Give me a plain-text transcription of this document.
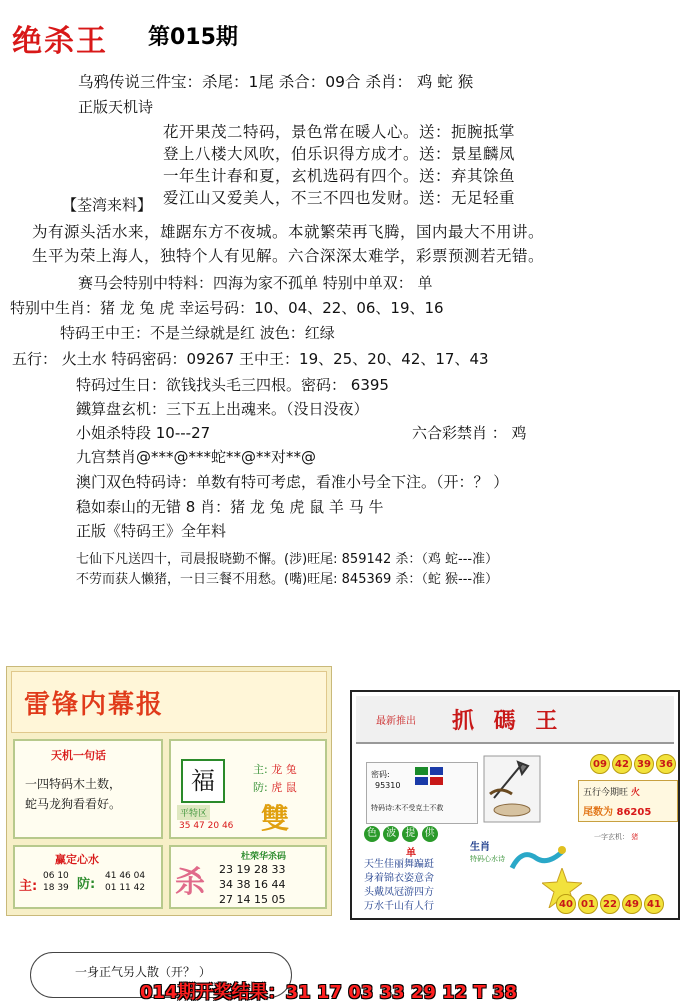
绝杀王 第015期
乌鸦传说三件宝：杀尾：1尾 杀合：09合 杀肖： 鸡 蛇 猴
正版天机诗
花开果茂二特码，景色常在暖人心。送：扼腕抵掌
登上八楼大风吹，伯乐识得方成才。送：景星麟凤
一年生计春和夏，玄机选码有四个。送：弃其馀鱼
爱江山又爱美人，不三不四也发财。送：无足轻重
【荃湾来料】
为有源头活水来，雄踞东方不夜城。本就繁荣再飞腾，国内最大不用讲。
生平为荣上海人，独特个人有见解。六合深深太难学，彩票预测若无错。
赛马会特别中特料：四海为家不孤单 特别中单双： 单
特别中生肖：猪 龙 兔 虎 幸运号码：10、04、22、06、19、16
特码王中王：不是兰绿就是红 波色：红绿
五行： 火土水 特码密码：09267 王中王：19、25、20、42、17、43
特码过生日：欲钱找头毛三四根。密码： 6395
鐵算盘玄机：三下五上出魂来。（没日没夜）
小姐杀特段 10---27	六合彩禁肖 ： 鸡
九宫禁肖@***@***蛇**@**对**@
澳门双色特码诗：单数有特可考虑，看准小号全下注。（开：？ ）
稳如泰山的无错 8 肖：猪 龙 兔 虎 鼠 羊 马 牛
正版《特码王》全年料
七仙下凡送四十，司晨报晓勤不懈。(涉)旺尾: 859142 杀：（鸡 蛇---准）
不劳而获人懒猪，一日三餐不用愁。(嘴)旺尾: 845369 杀：（蛇 猴---准）
雷锋内幕报
天机一句话
一四特码木土数，
蛇马龙狗看看好。
福	主: 龙 兔
防: 虎 鼠
雙
平特区
35 47 20 46
赢定心水
主:
06 10
18 39 防:
41 46 04
01 11 42 杀
杜荣华杀码
23 19 28 33
34 38 16 44
27 14 15 05
最新推出 抓 碼 王
密码:
95310
特码诗:木不受克土不救
09 42 39 36
五行今期旺 火
尾数为 86205
一字玄机： 猪
色 波 提 供
单
天生佳丽舞蹁跹
身着锦衣姿意舍
头戴凤冠游四方
万水千山有人行
生肖
特码心水诗
40 01 22 49 41
一身正气另人散（开？ ）
014期开奖结果：31 17 03 33 29 12 T 38
